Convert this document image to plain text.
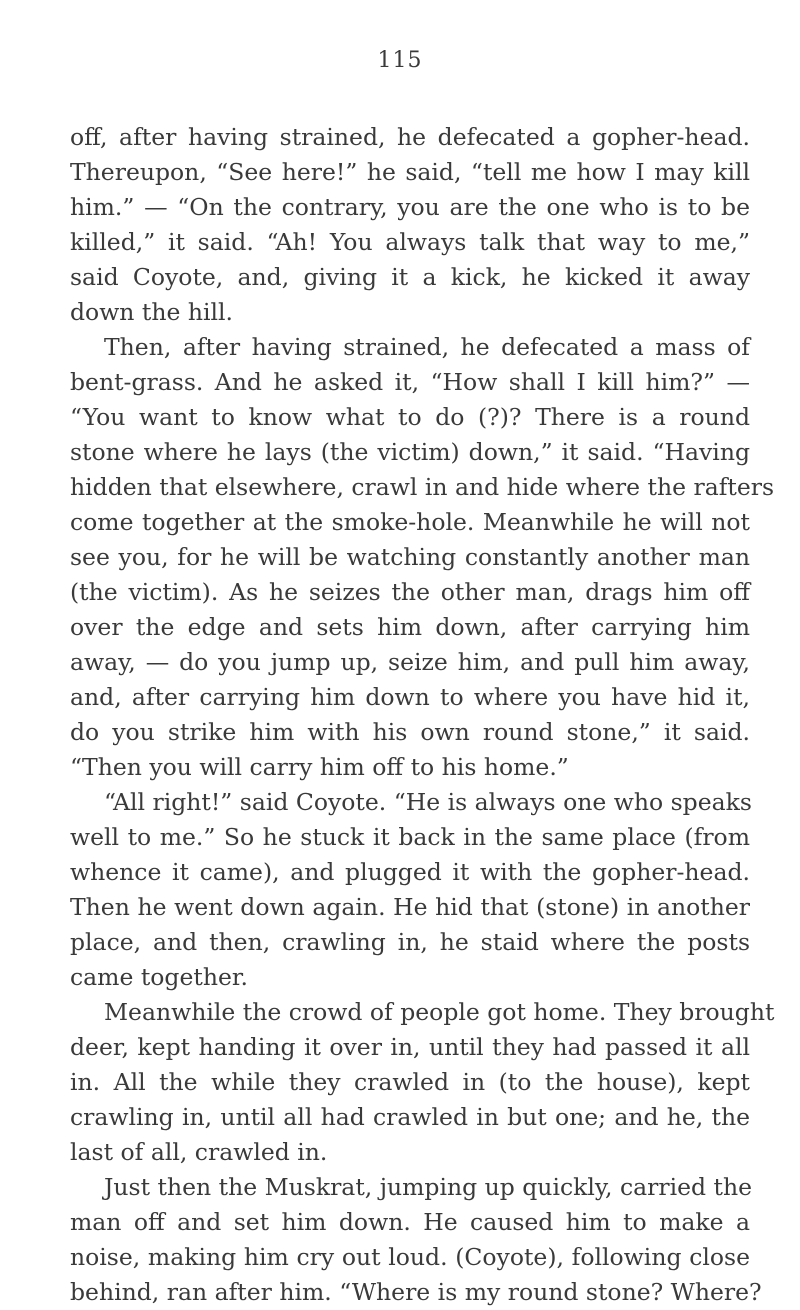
115

off, after having strained, he defecated a gopher-head.
Thereupon, “See here!” he said, “tell me how I may kill
him.” — “On the contrary, you are the one who is to be
killed,” it said. “Ah! You always talk that way to me,”
said Coyote, and, giving it a kick, he kicked it away
down the hill.

Then, after having strained, he defecated a mass of
bent-grass. And he asked it, “How shall I kill him?” —
“You want to know what to do (?)? There is a round
stone where he lays (the victim) down,” it said. “Having
hidden that elsewhere, crawl in and hide where the rafters
come together at the smoke-hole. Meanwhile he will not
see you, for he will be watching constantly another man
(the victim). As he seizes the other man, drags him off
over the edge and sets him down, after carrying him
away, — do you jump up, seize him, and pull him away,
and, after carrying him down to where you have hid it,
do you strike him with his own round stone,” it said.
“Then you will carry him off to his home.”

“All right!” said Coyote. “He is always one who speaks
well to me.” So he stuck it back in the same place (from
whence it came), and plugged it with the gopher-head.
Then he went down again. He hid that (stone) in another
place, and then, crawling in, he staid where the posts
came together.

Meanwhile the crowd of people got home. They brought
deer, kept handing it over in, until they had passed it all
in. All the while they crawled in (to the house), kept
crawling in, until all had crawled in but one; and he, the
last of all, crawled in.

Just then the Muskrat, jumping up quickly, carried the
man off and set him down. He caused him to make a
noise, making him cry out loud. (Coyote), following close
behind, ran after him. “Where is my round stone? Where?
